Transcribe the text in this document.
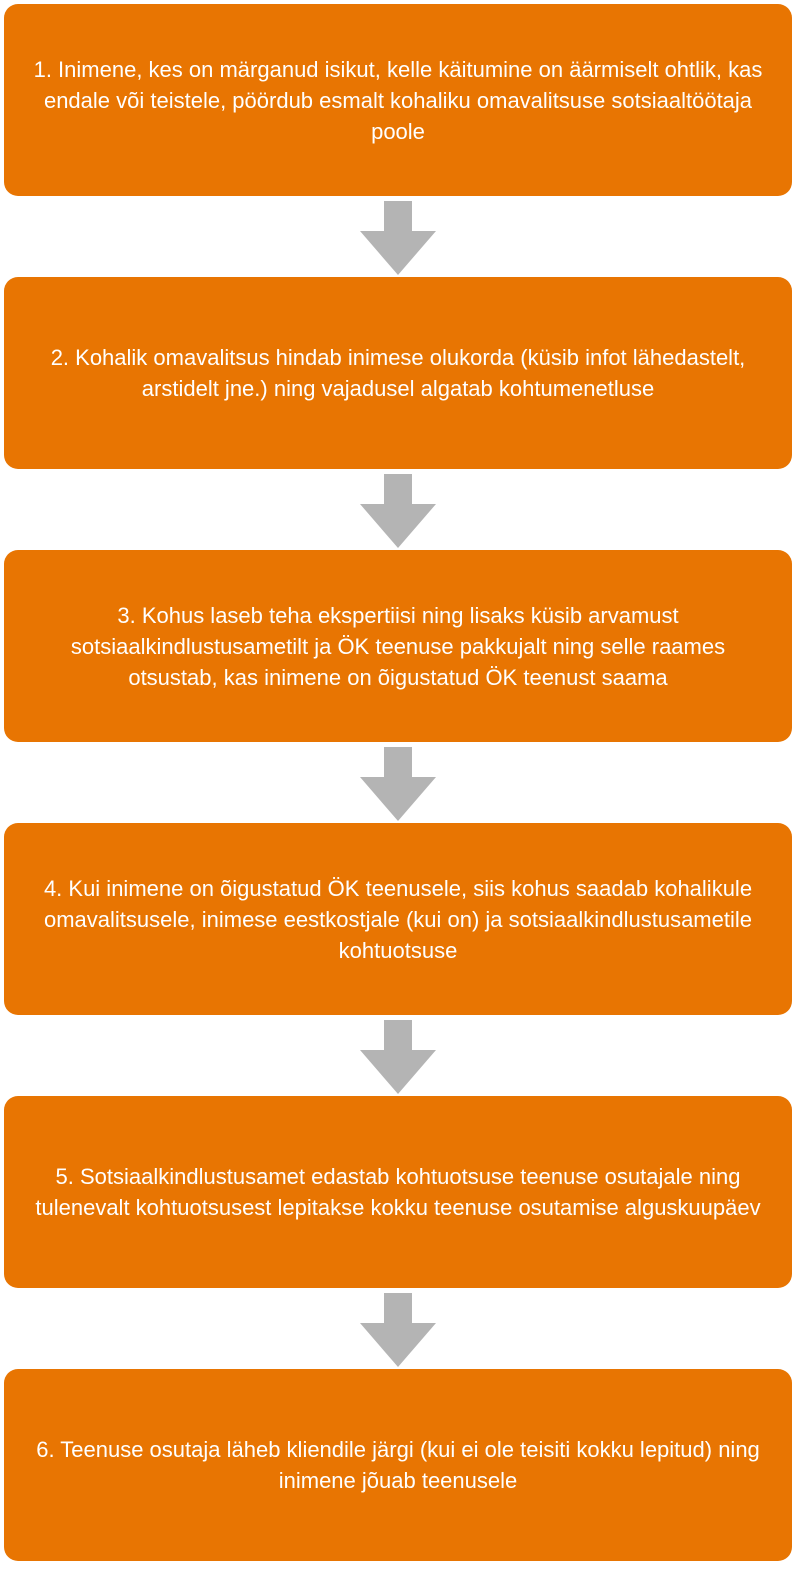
1. Inimene, kes on märganud isikut, kelle käitumine on äärmiselt ohtlik, kas endale või teistele, pöördub esmalt kohaliku omavalitsuse sotsiaaltöötaja poole
2. Kohalik omavalitsus hindab inimese olukorda (küsib infot lähedastelt, arstidelt jne.) ning vajadusel algatab kohtumenetluse
3. Kohus laseb teha ekspertiisi ning lisaks küsib arvamust sotsiaalkindlustusametilt ja ÖK teenuse pakkujalt ning selle raames otsustab, kas inimene on õigustatud ÖK teenust saama
4. Kui inimene on õigustatud ÖK teenusele, siis kohus saadab kohalikule omavalitsusele, inimese eestkostjale (kui on) ja sotsiaalkindlustusametile kohtuotsuse
5. Sotsiaalkindlustusamet edastab kohtuotsuse teenuse osutajale ning tulenevalt kohtuotsusest lepitakse kokku teenuse osutamise alguskuupäev
6. Teenuse osutaja läheb kliendile järgi (kui ei ole teisiti kokku lepitud) ning inimene jõuab teenusele
